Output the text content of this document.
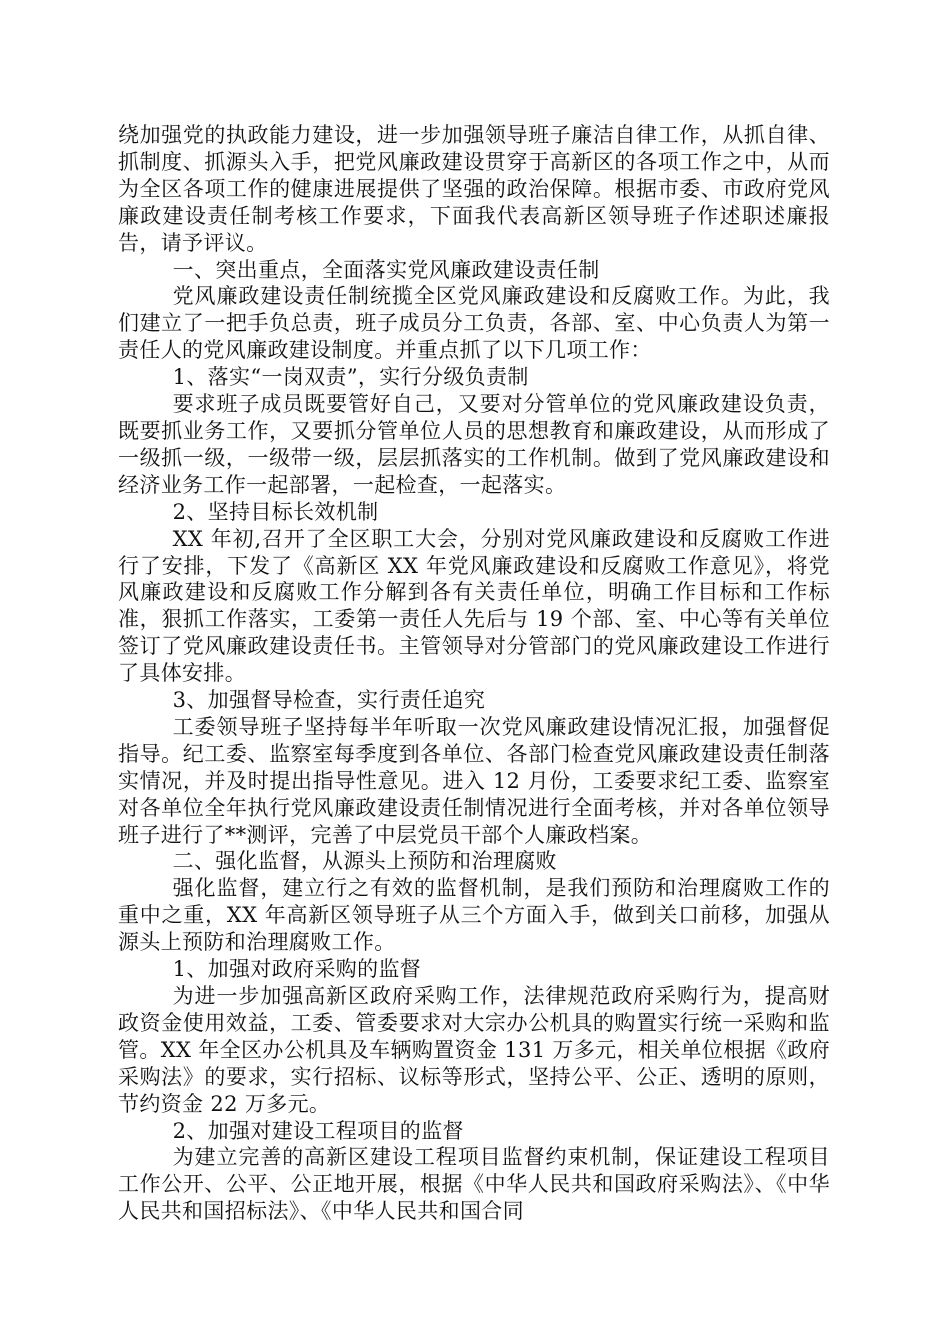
绕加强党的执政能力建设，进一步加强领导班子廉洁自律工作，从抓自律、抓制度、抓源头入手，把党风廉政建设贯穿于高新区的各项工作之中，从而为全区各项工作的健康进展提供了坚强的政治保障。根据市委、市政府党风廉政建设责任制考核工作要求，下面我代表高新区领导班子作述职述廉报告，请予评议。

一、突出重点，全面落实党风廉政建设责任制

党风廉政建设责任制统揽全区党风廉政建设和反腐败工作。为此，我们建立了一把手负总责，班子成员分工负责，各部、室、中心负责人为第一责任人的党风廉政建设制度。并重点抓了以下几项工作：

1、落实“一岗双责”，实行分级负责制

要求班子成员既要管好自己，又要对分管单位的党风廉政建设负责，既要抓业务工作，又要抓分管单位人员的思想教育和廉政建设，从而形成了一级抓一级，一级带一级，层层抓落实的工作机制。做到了党风廉政建设和经济业务工作一起部署，一起检查，一起落实。

2、坚持目标长效机制

XX 年初,召开了全区职工大会，分别对党风廉政建设和反腐败工作进行了安排，下发了《高新区 XX 年党风廉政建设和反腐败工作意见》，将党风廉政建设和反腐败工作分解到各有关责任单位，明确工作目标和工作标准，狠抓工作落实，工委第一责任人先后与 19 个部、室、中心等有关单位签订了党风廉政建设责任书。主管领导对分管部门的党风廉政建设工作进行了具体安排。

3、加强督导检查，实行责任追究

工委领导班子坚持每半年听取一次党风廉政建设情况汇报，加强督促指导。纪工委、监察室每季度到各单位、各部门检查党风廉政建设责任制落实情况，并及时提出指导性意见。进入 12 月份，工委要求纪工委、监察室对各单位全年执行党风廉政建设责任制情况进行全面考核，并对各单位领导班子进行了**测评，完善了中层党员干部个人廉政档案。

二、强化监督，从源头上预防和治理腐败

强化监督，建立行之有效的监督机制，是我们预防和治理腐败工作的重中之重，XX 年高新区领导班子从三个方面入手，做到关口前移，加强从源头上预防和治理腐败工作。

1、加强对政府采购的监督

为进一步加强高新区政府采购工作，法律规范政府采购行为，提高财政资金使用效益，工委、管委要求对大宗办公机具的购置实行统一采购和监管。XX 年全区办公机具及车辆购置资金 131 万多元，相关单位根据《政府采购法》的要求，实行招标、议标等形式，坚持公平、公正、透明的原则，节约资金 22 万多元。

2、加强对建设工程项目的监督

为建立完善的高新区建设工程项目监督约束机制，保证建设工程项目工作公开、公平、公正地开展，根据《中华人民共和国政府采购法》、《中华人民共和国招标法》、《中华人民共和国合同
